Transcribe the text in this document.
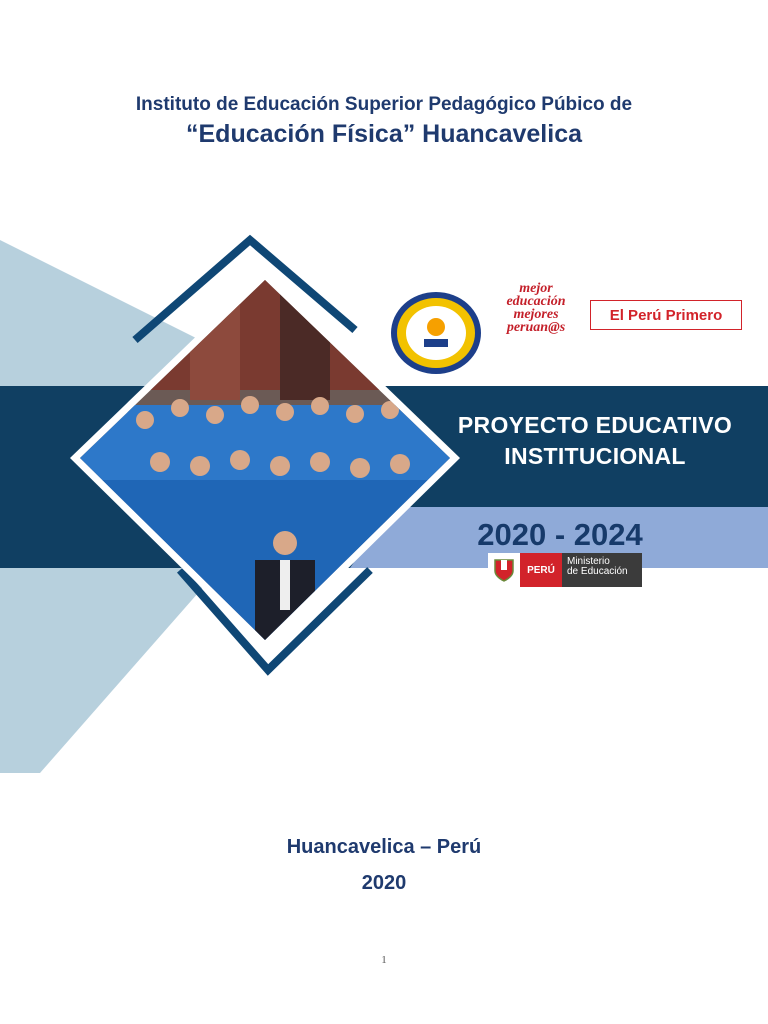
Instituto de Educación Superior Pedagógico Púbico de
“Educación Física” Huancavelica
mejor
educación
mejores
peruan@s
El Perú Primero
PROYECTO EDUCATIVO
INSTITUCIONAL
2020 - 2024
PERÚ
Ministerio
de Educación
Huancavelica – Perú
2020
1
